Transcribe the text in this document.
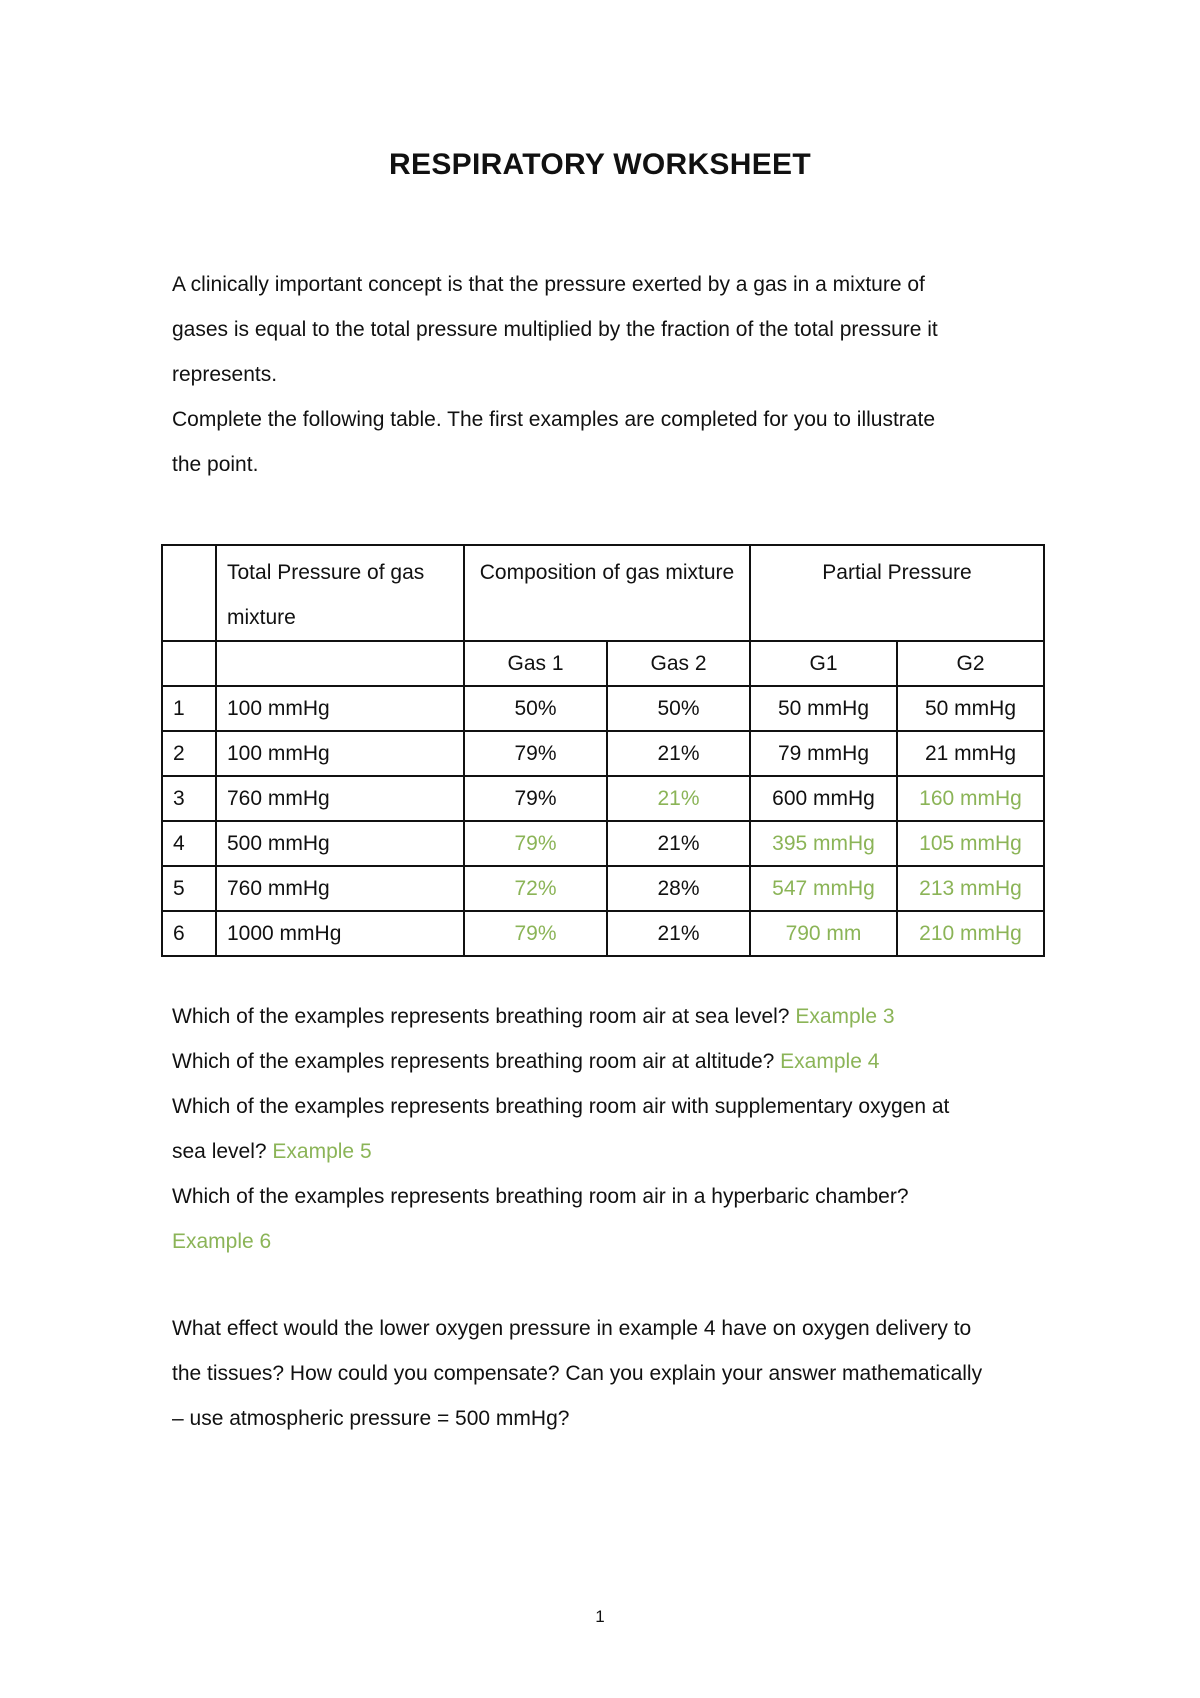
RESPIRATORY WORKSHEET
A clinically important concept is that the pressure exerted by a gas in a mixture of
gases is equal to the total pressure multiplied by the fraction of the total pressure it
represents.
Complete the following table. The first examples are completed for you to illustrate
the point.
	Total Pressure of gas mixture	Composition of gas mixture		Partial Pressure	
		Gas 1	Gas 2	G1	G2
1	100 mmHg	50%	50%	50 mmHg	50 mmHg
2	100 mmHg	79%	21%	79 mmHg	21 mmHg
3	760 mmHg	79%	21%	600 mmHg	160 mmHg
4	500 mmHg	79%	21%	395 mmHg	105 mmHg
5	760 mmHg	72%	28%	547 mmHg	213 mmHg
6	1000 mmHg	79%	21%	790 mm	210 mmHg
Which of the examples represents breathing room air at sea level? Example 3
Which of the examples represents breathing room air at altitude? Example 4
Which of the examples represents breathing room air with supplementary oxygen at
sea level? Example 5
Which of the examples represents breathing room air in a hyperbaric chamber?
Example 6
What effect would the lower oxygen pressure in example 4 have on oxygen delivery to
the tissues? How could you compensate? Can you explain your answer mathematically
– use atmospheric pressure = 500 mmHg?
1
